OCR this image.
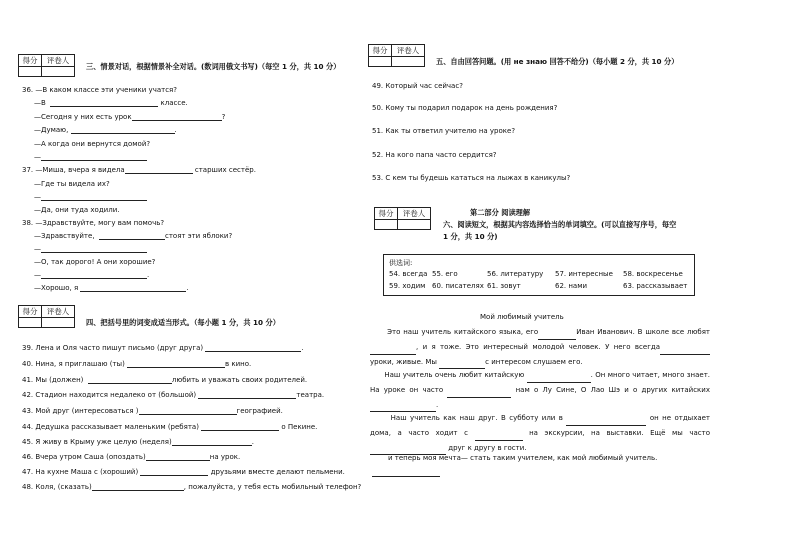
得分	评卷人

三、情景对话，根据情景补全对话。(数词用俄文书写)（每空 1 分，共 10 分）
36. —В каком классе эти ученики учатся?
—В	классе.
—Сегодня у них есть урок	?
—Думаю,	.
—А когда они вернутся домой?
—
37. —Миша, вчера я видела	старших сестёр.
—Где ты видела их?
—
—Да, они туда ходили.
38. —Здравствуйте, могу вам помочь?
—Здравствуйте,	стоят эти яблоки?
—
—О, так дорого! А они хорошие?
—	.
—Хорошо, я	.
得分	评卷人

四、把括号里的词变成适当形式。（每小题 1 分，共 10 分）
39. Лена и Оля часто пишут письмо (друг друга)	.
40. Нина, я приглашаю (ты)	в кино.
41. Мы (должен)	любить и уважать своих родителей.
42. Стадион находится недалеко от (большой)	театра.
43. Мой друг (интересоваться )	географией.
44. Дедушка рассказывает маленьким (ребята)	о Пекине.
45. Я живу в Крыму уже целую (неделя)	.
46. Вчера утром Саша (опоздать)	на урок.
47. На кухне Маша с (хороший)	друзьями вместе делают пельмени.
48. Коля, (сказать)	, пожалуйста, у тебя есть мобильный телефон?
得分	评卷人

五、自由回答问题。(用 не знаю 回答不给分)（每小题 2 分，共 10 分）
49. Который час сейчас?
50. Кому ты подарил подарок на день рождения?
51. Как ты ответил учителю на уроке?
52. На кого папа часто сердится?
53. С кем ты будешь кататься на лыжах в каникулы?
得分	评卷人
		第二部分 阅读理解
六、阅读短文，根据其内容选择恰当的单词填空。(可以直接写序号，每空
1 分，共 10 分)
供选词:
54. всегда 55. его	56. литературу 57. интересные 58. воскресенье
59. ходим 60. писателях 61. зовут	62. нами	63. рассказывает
Мой любимый учитель
Это наш учитель китайского языка, его	Иван Иванович. В школе все любят, и я тоже. Это интересный молодой человек. У него всегда уроки, живые. Мы	с интересом слушаем его.
Наш учитель очень любит китайскую	. Он много читает, много знает. На уроке он часто	нам о Лу Сине, О Лао Шэ и о других китайских .
Наш учитель как наш друг. В субботу или в	он не отдыхает дома, а часто ходит с	на экскурсии, на выставки. Ещё мы часто  друг к другу в гости.
и теперь моя мечта— стать таким учителем, как мой любимый учитель.
